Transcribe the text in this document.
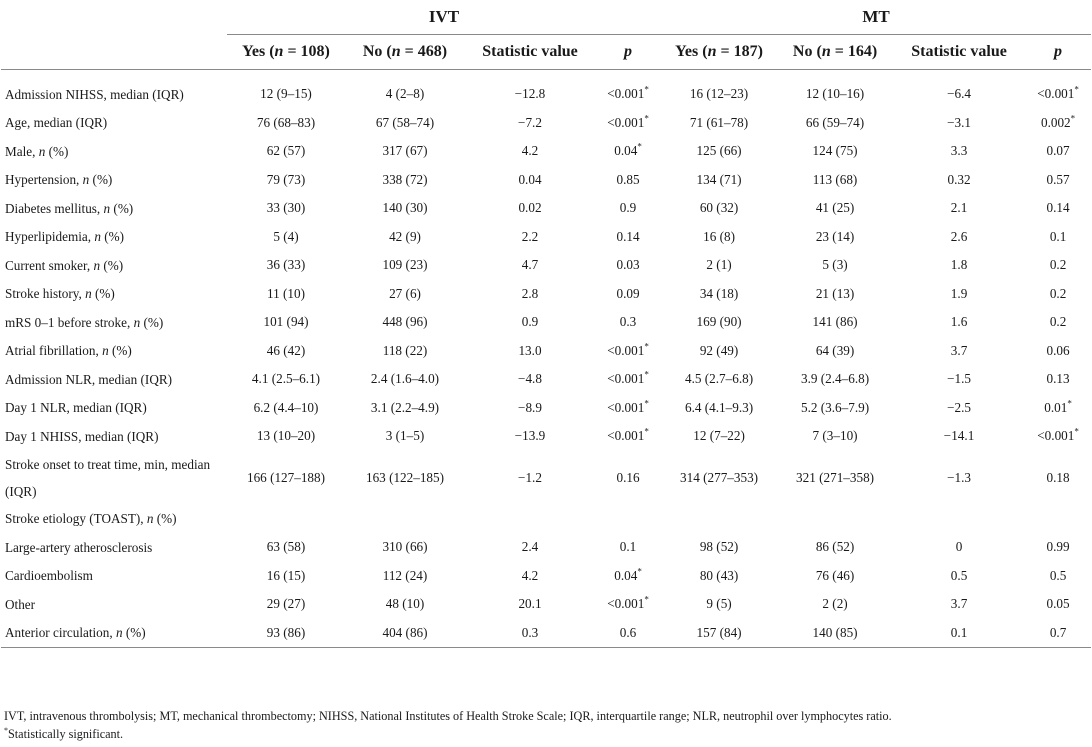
	IVT				MT			
	Yes (n = 108)	No (n = 468)	Statistic value	p	Yes (n = 187)	No (n = 164)	Statistic value	p
Admission NIHSS, median (IQR)	12 (9–15)	4 (2–8)	−12.8	<0.001*	16 (12–23)	12 (10–16)	−6.4	<0.001*
Age, median (IQR)	76 (68–83)	67 (58–74)	−7.2	<0.001*	71 (61–78)	66 (59–74)	−3.1	0.002*
Male, n (%)	62 (57)	317 (67)	4.2	0.04*	125 (66)	124 (75)	3.3	0.07
Hypertension, n (%)	79 (73)	338 (72)	0.04	0.85	134 (71)	113 (68)	0.32	0.57
Diabetes mellitus, n (%)	33 (30)	140 (30)	0.02	0.9	60 (32)	41 (25)	2.1	0.14
Hyperlipidemia, n (%)	5 (4)	42 (9)	2.2	0.14	16 (8)	23 (14)	2.6	0.1
Current smoker, n (%)	36 (33)	109 (23)	4.7	0.03	2 (1)	5 (3)	1.8	0.2
Stroke history, n (%)	11 (10)	27 (6)	2.8	0.09	34 (18)	21 (13)	1.9	0.2
mRS 0–1 before stroke, n (%)	101 (94)	448 (96)	0.9	0.3	169 (90)	141 (86)	1.6	0.2
Atrial fibrillation, n (%)	46 (42)	118 (22)	13.0	<0.001*	92 (49)	64 (39)	3.7	0.06
Admission NLR, median (IQR)	4.1 (2.5–6.1)	2.4 (1.6–4.0)	−4.8	<0.001*	4.5 (2.7–6.8)	3.9 (2.4–6.8)	−1.5	0.13
Day 1 NLR, median (IQR)	6.2 (4.4–10)	3.1 (2.2–4.9)	−8.9	<0.001*	6.4 (4.1–9.3)	5.2 (3.6–7.9)	−2.5	0.01*
Day 1 NHISS, median (IQR)	13 (10–20)	3 (1–5)	−13.9	<0.001*	12 (7–22)	7 (3–10)	−14.1	<0.001*
Stroke onset to treat time, min, median (IQR)	166 (127–188)	163 (122–185)	−1.2	0.16	314 (277–353)	321 (271–358)	−1.3	0.18
Stroke etiology (TOAST), n (%)								
Large-artery atherosclerosis	63 (58)	310 (66)	2.4	0.1	98 (52)	86 (52)	0	0.99
Cardioembolism	16 (15)	112 (24)	4.2	0.04*	80 (43)	76 (46)	0.5	0.5
Other	29 (27)	48 (10)	20.1	<0.001*	9 (5)	2 (2)	3.7	0.05
Anterior circulation, n (%)	93 (86)	404 (86)	0.3	0.6	157 (84)	140 (85)	0.1	0.7
IVT, intravenous thrombolysis; MT, mechanical thrombectomy; NIHSS, National Institutes of Health Stroke Scale; IQR, interquartile range; NLR, neutrophil over lymphocytes ratio.
*Statistically significant.
